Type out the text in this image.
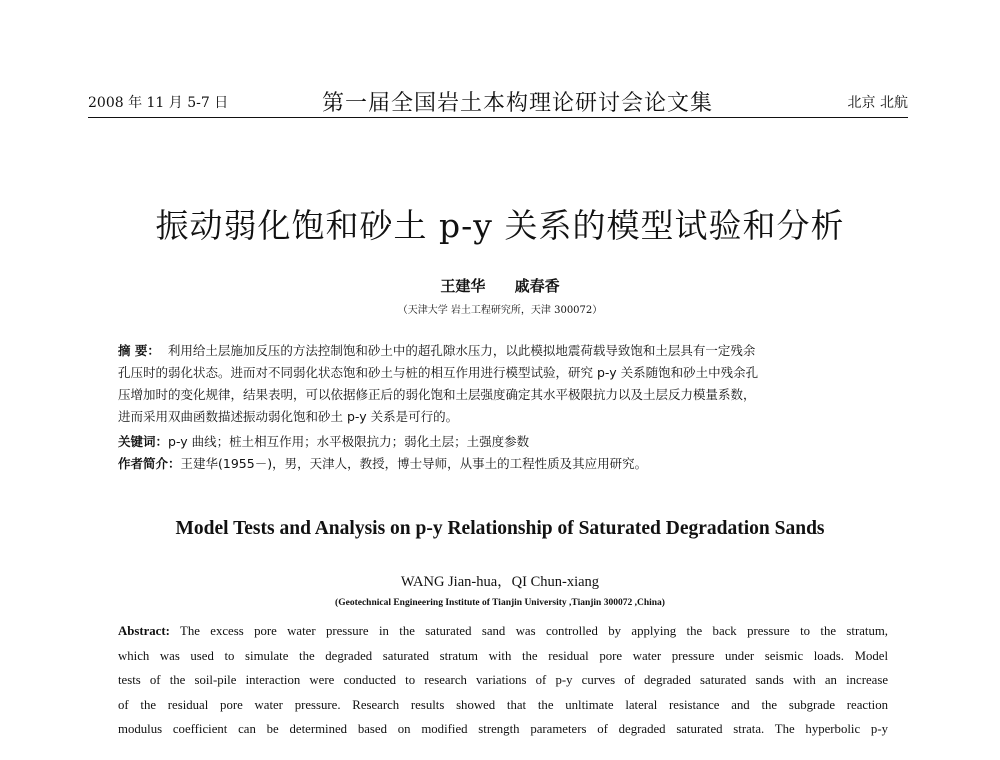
2008 年 11 月 5-7 日	第一届全国岩土本构理论研讨会论文集	北京 北航
振动弱化饱和砂土 p-y 关系的模型试验和分析
王建华 戚春香
（天津大学 岩土工程研究所，天津 300072）
摘 要： 利用给土层施加反压的方法控制饱和砂土中的超孔隙水压力，以此模拟地震荷载导致饱和土层具有一定残余
孔压时的弱化状态。进而对不同弱化状态饱和砂土与桩的相互作用进行模型试验，研究 p-y 关系随饱和砂土中残余孔
压增加时的变化规律，结果表明，可以依据修正后的弱化饱和土层强度确定其水平极限抗力以及土层反力模量系数，
进而采用双曲函数描述振动弱化饱和砂土 p-y 关系是可行的。
关键词：p-y 曲线；桩土相互作用；水平极限抗力；弱化土层；土强度参数
作者简介：王建华(1955－)，男，天津人，教授，博士导师，从事土的工程性质及其应用研究。
Model Tests and Analysis on p-y Relationship of Saturated Degradation Sands
WANG Jian-hua，QI Chun-xiang
(Geotechnical Engineering Institute of Tianjin University ,Tianjin 300072 ,China)
Abstract: The excess pore water pressure in the saturated sand was controlled by applying the back pressure to the stratum,
which was used to simulate the degraded saturated stratum with the residual pore water pressure under seismic loads. Model
tests of the soil-pile interaction were conducted to research variations of p-y curves of degraded saturated sands with an increase
of the residual pore water pressure. Research results showed that the unltimate lateral resistance and the subgrade reaction
modulus coefficient can be determined based on modified strength parameters of degraded saturated strata. The hyperbolic p-y
